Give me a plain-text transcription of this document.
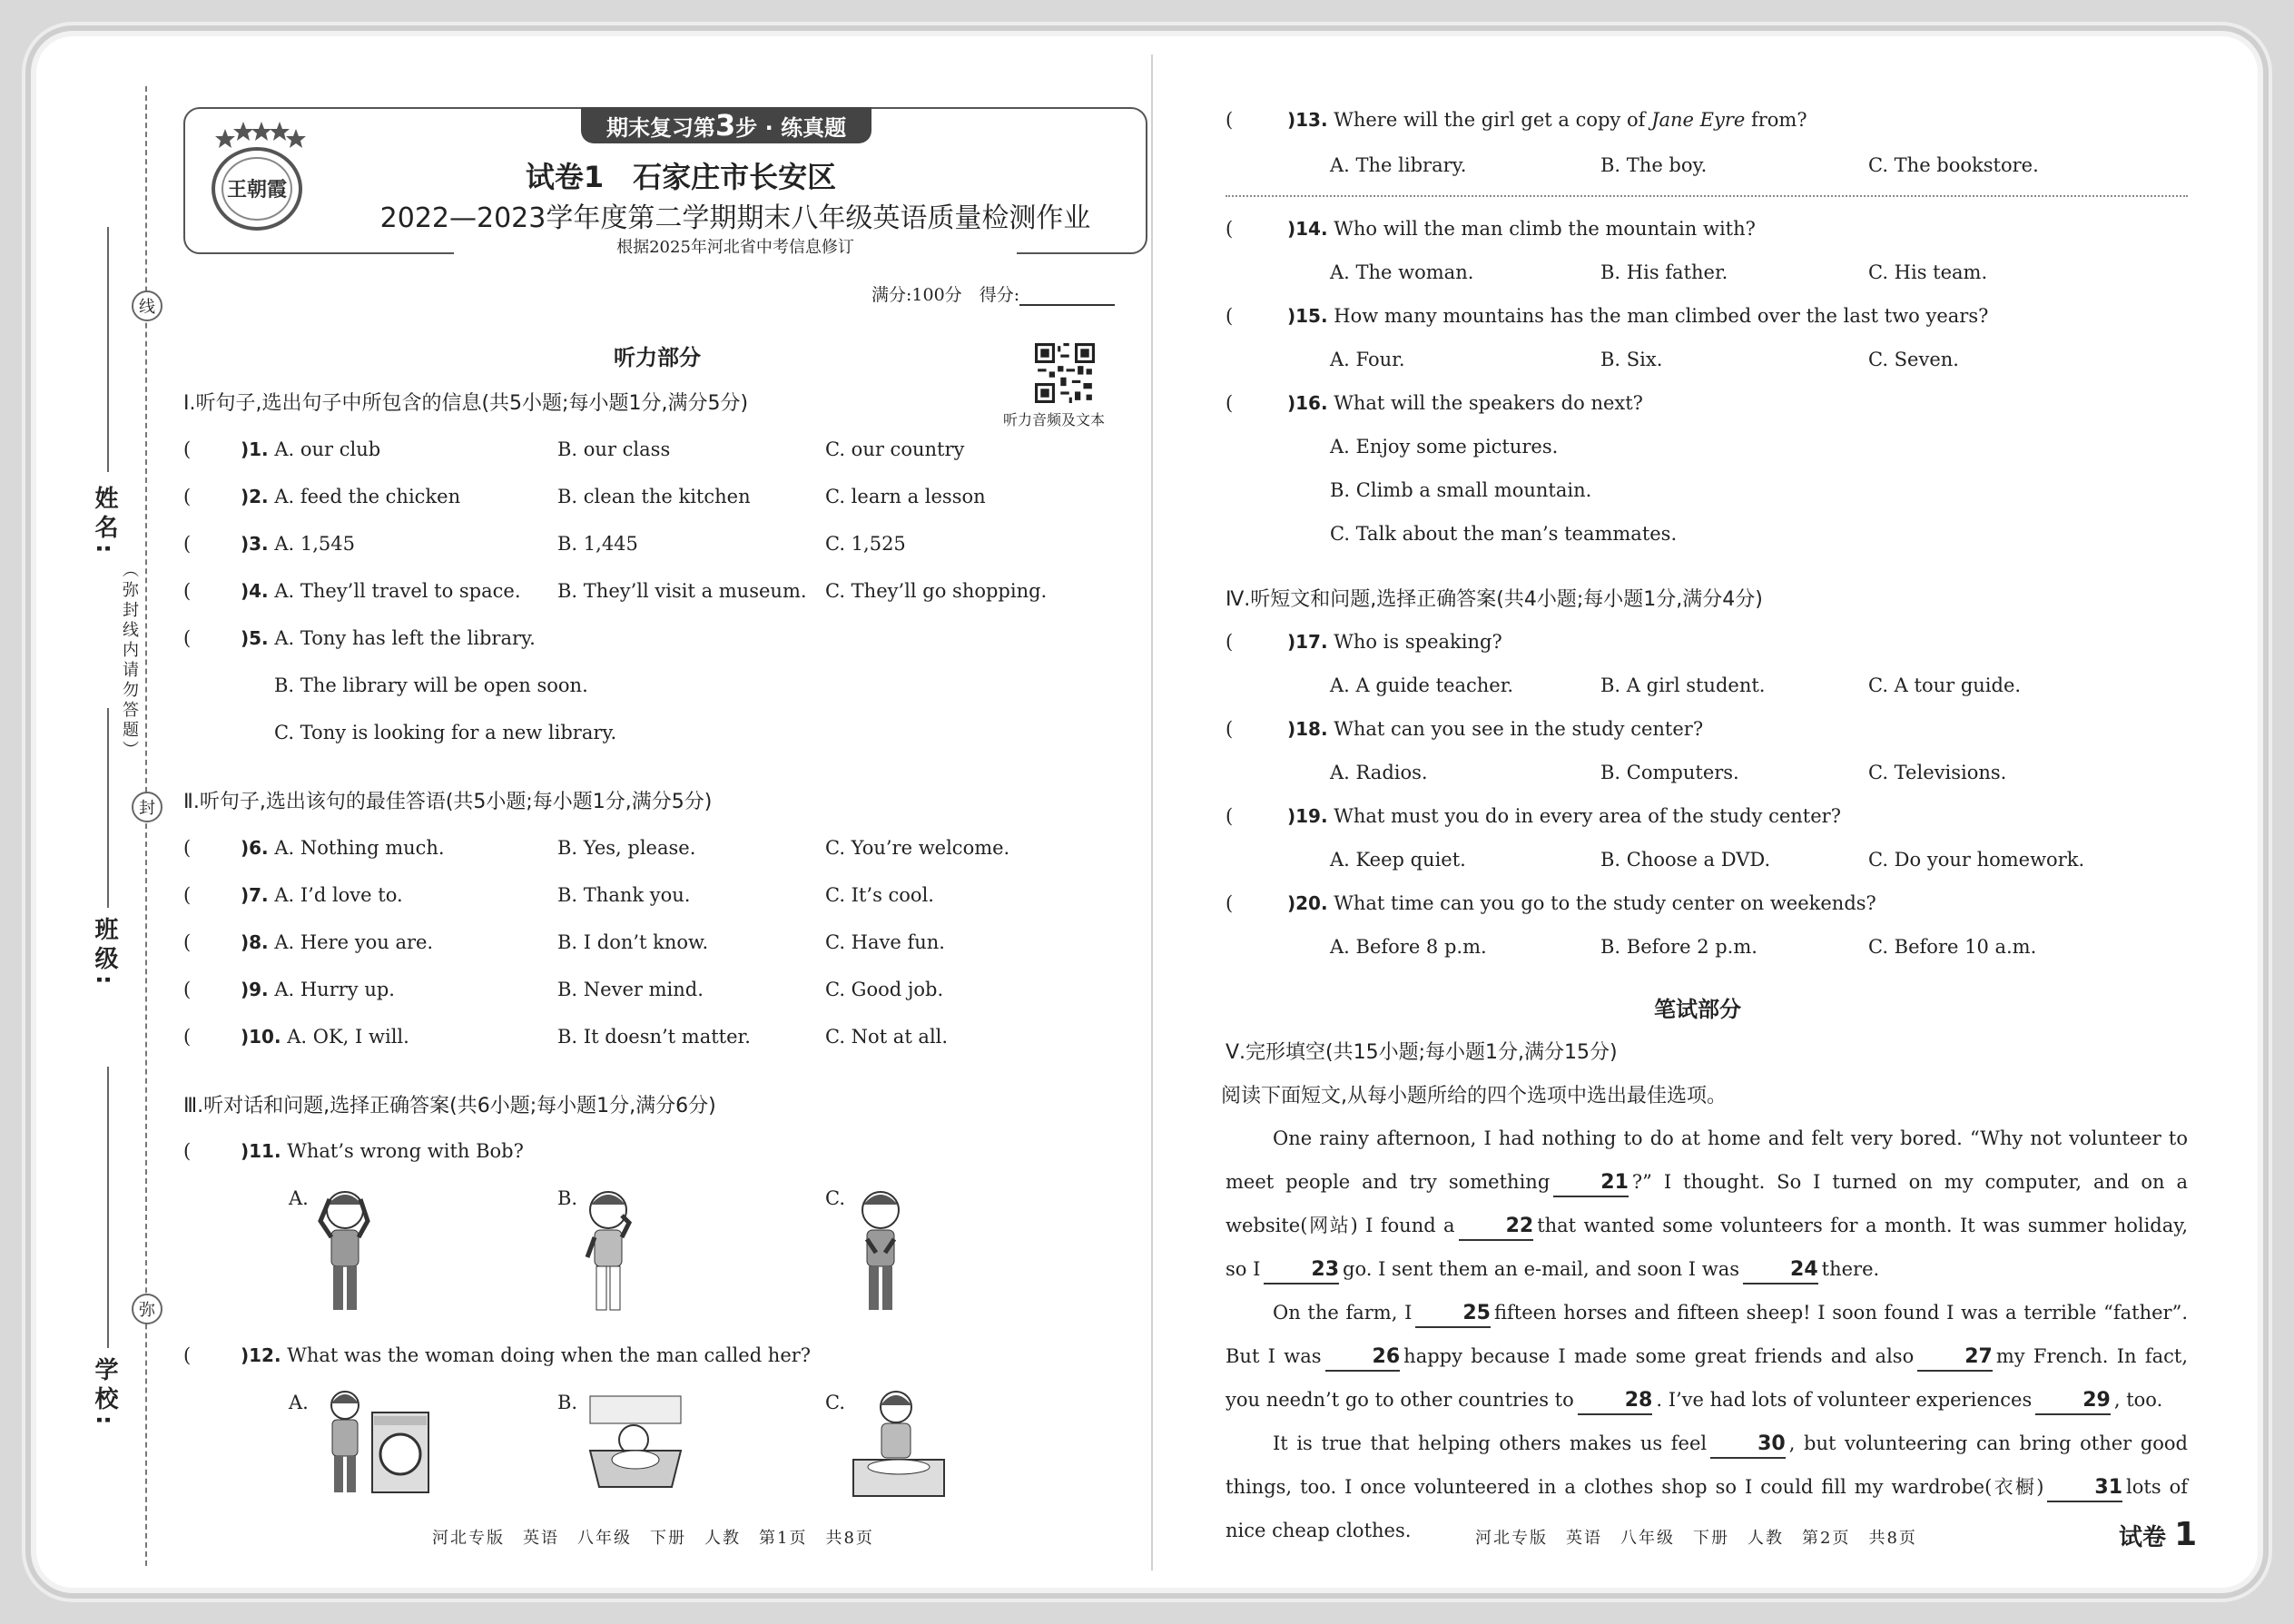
线
封
弥
（弥封线内请勿答题）
姓名:
班级:
学校:
王朝霞
期末复习第3步 · 练真题
试卷1　石家庄市长安区
2022—2023学年度第二学期期末八年级英语质量检测作业
根据2025年河北省中考信息修订
满分:100分　 得分:
听力音频及文本
听力部分
Ⅰ.听句子,选出句子中所包含的信息(共5小题;每小题1分,满分5分)
(	)1. A. our club	B. our class	C. our country
(	)2. A. feed the chicken	B. clean the kitchen	C. learn a lesson
(	)3. A. 1,545	B. 1,445	C. 1,525
(	)4. A. They’ll travel to space. B. They’ll visit a museum. C. They’ll go shopping.
(	)5. A. Tony has left the library.
B. The library will be open soon.
C. Tony is looking for a new library.
Ⅱ.听句子,选出该句的最佳答语(共5小题;每小题1分,满分5分)
(	)6. A. Nothing much.	B. Yes, please.	C. You’re welcome.
(	)7. A. I’d love to.	B. Thank you.	C. It’s cool.
(	)8. A. Here you are.	B. I don’t know.	C. Have fun.
(	)9. A. Hurry up.	B. Never mind.	C. Good job.
(	)10. A. OK, I will.	B. It doesn’t matter.	C. Not at all.
Ⅲ.听对话和问题,选择正确答案(共6小题;每小题1分,满分6分)
(	)11. What’s wrong with Bob?
A.	B.	C.
(	)12. What was the woman doing when the man called her?
A.	B.	C.
河北专版　英语　八年级　下册　人教　第1页　共8页
(	)13. Where will the girl get a copy of Jane Eyre from?
A. The library.	B. The boy.	C. The bookstore.
(	)14. Who will the man climb the mountain with?
A. The woman.	B. His father.	C. His team.
(	)15. How many mountains has the man climbed over the last two years?
A. Four.	B. Six.	C. Seven.
(	)16. What will the speakers do next?
A. Enjoy some pictures.
B. Climb a small mountain.
C. Talk about the man’s teammates.
Ⅳ.听短文和问题,选择正确答案(共4小题;每小题1分,满分4分)
(	)17. Who is speaking?
A. A guide teacher.	B. A girl student.	C. A tour guide.
(	)18. What can you see in the study center?
A. Radios.	B. Computers.	C. Televisions.
(	)19. What must you do in every area of the study center?
A. Keep quiet.	B. Choose a DVD.	C. Do your homework.
(	)20. What time can you go to the study center on weekends?
A. Before 8 p.m.	B. Before 2 p.m.	C. Before 10 a.m.
笔试部分
Ⅴ.完形填空(共15小题;每小题1分,满分15分)
阅读下面短文,从每小题所给的四个选项中选出最佳选项。
One rainy afternoon, I had nothing to do at home and felt very bored. “Why not volunteer to meet people and try something	21 ?” I thought. So I turned on my computer, and on a website(网站) I found a	22 that wanted some volunteers for a month. It was summer holiday, so I	23 go. I sent them an e-mail, and soon I was	24 there.
On the farm, I	25 fifteen horses and fifteen sheep! I soon found I was a terrible “father”. But I was	26 happy because I made some great friends and also	27 my French. In fact, you needn’t go to other countries to	28 . I’ve had lots of volunteer experiences	29 , too.
It is true that helping others makes us feel	30 , but volunteering can bring other good things, too. I once volunteered in a clothes shop so I could fill my wardrobe(衣橱)	31 lots of nice cheap clothes.	河北专版　英语　八年级　下册　人教　第2页　共8页	试卷 1
